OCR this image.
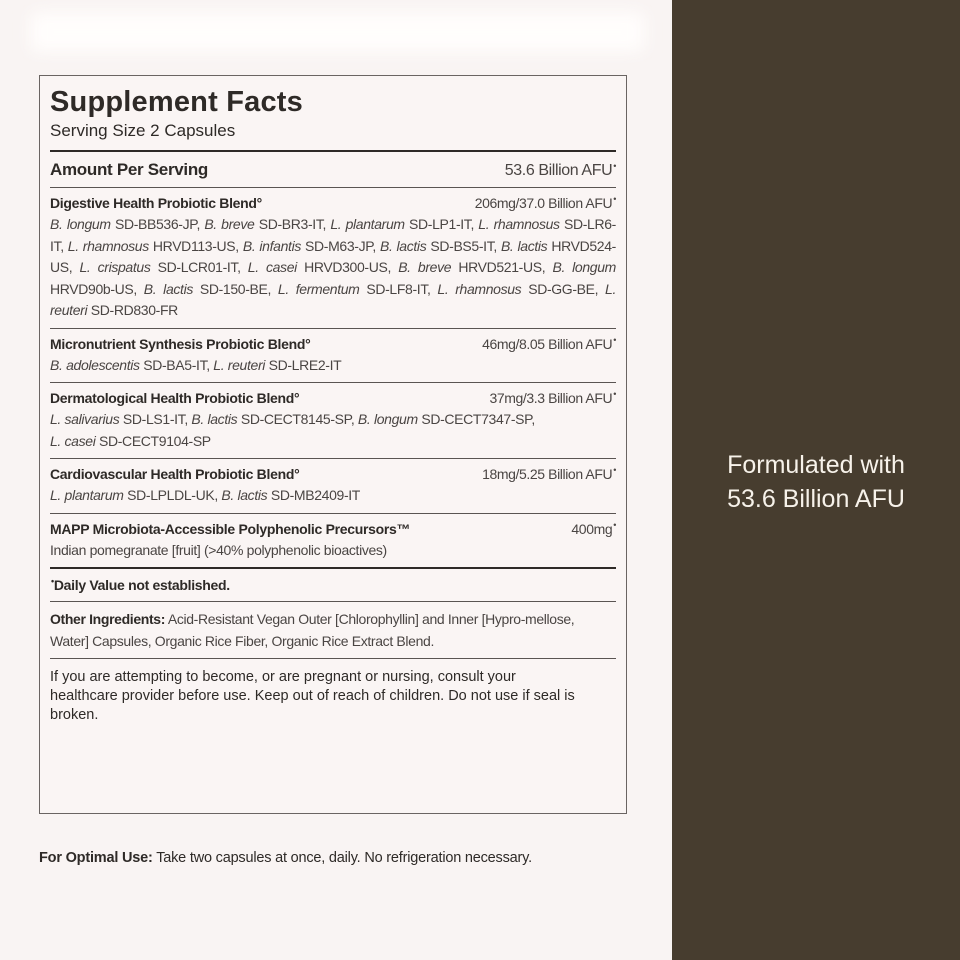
Supplement Facts
Serving Size 2 Capsules
Amount Per Serving	53.6 Billion AFU•
Digestive Health Probiotic Blend°	206mg/37.0 Billion AFU•
B. longum SD-BB536-JP, B. breve SD-BR3-IT, L. plantarum SD-LP1-IT, L. rhamnosus SD-LR6-IT, L. rhamnosus HRVD113-US, B. infantis SD-M63-JP, B. lactis SD-BS5-IT, B. lactis HRVD524-US, L. crispatus SD-LCR01-IT, L. casei HRVD300-US, B. breve HRVD521-US, B. longum HRVD90b-US, B. lactis SD-150-BE, L. fermentum SD-LF8-IT, L. rhamnosus SD-GG-BE, L. reuteri SD-RD830-FR
Micronutrient Synthesis Probiotic Blend°	46mg/8.05 Billion AFU•
B. adolescentis SD-BA5-IT, L. reuteri SD-LRE2-IT
Dermatological Health Probiotic Blend°	37mg/3.3 Billion AFU•
L. salivarius SD-LS1-IT, B. lactis SD-CECT8145-SP, B. longum SD-CECT7347-SP,
L. casei SD-CECT9104-SP
Cardiovascular Health Probiotic Blend°	18mg/5.25 Billion AFU•
L. plantarum SD-LPLDL-UK, B. lactis SD-MB2409-IT
MAPP Microbiota-Accessible Polyphenolic Precursors™	400mg•
Indian pomegranate [fruit] (>40% polyphenolic bioactives)
•Daily Value not established.
Other Ingredients: Acid-Resistant Vegan Outer [Chlorophyllin] and Inner [Hypro-mellose, Water] Capsules, Organic Rice Fiber, Organic Rice Extract Blend.
If you are attempting to become, or are pregnant or nursing, consult your healthcare provider before use. Keep out of reach of children. Do not use if seal is broken.
For Optimal Use: Take two capsules at once, daily. No refrigeration necessary.
Formulated with
53.6 Billion AFU
